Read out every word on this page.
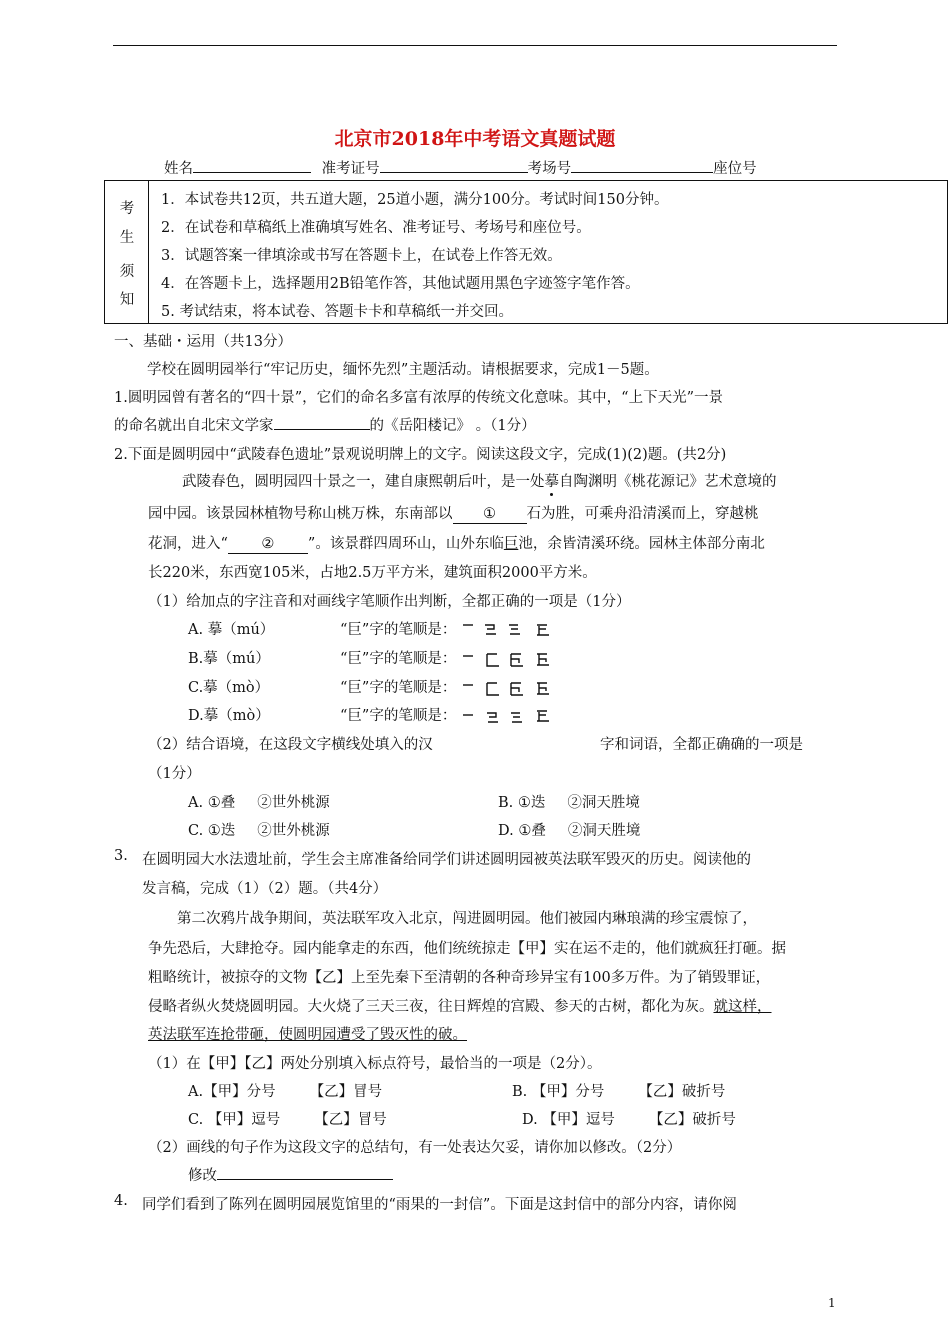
北京市2018年中考语文真题试题
姓名	准考证号	考场号	座位号
考
生
须
知
1．本试卷共12页，共五道大题，25道小题，满分100分。考试时间150分钟。
2．在试卷和草稿纸上准确填写姓名、准考证号、考场号和座位号。
3．试题答案一律填涂或书写在答题卡上，在试卷上作答无效。
4．在答题卡上，选择题用2B铅笔作答，其他试题用黑色字迹签字笔作答。
5. 考试结束，将本试卷、答题卡卡和草稿纸一并交回。
一、基础・运用（共13分）
学校在圆明园举行“牢记历史，缅怀先烈”主题活动。请根据要求，完成1－5题。
1.圆明园曾有著名的“四十景”，它们的命名多富有浓厚的传统文化意味。其中，“上下天光”一景
的命名就出自北宋文学家	的《岳阳楼记》 。（1分）
2.下面是圆明园中“武陵春色遗址”景观说明牌上的文字。阅读这段文字，完成(1)(2)题。(共2分)
武陵春色，圆明园四十景之一，建自康熙朝后叶，是一处摹自陶渊明《桃花源记》艺术意境的
园中园。该景园林植物号称山桃万株，东南部以 ① 石为胜，可乘舟沿清溪而上，穿越桃
花洞，进入“ ② ”。该景群四周环山，山外东临巨池，余皆清溪环绕。园林主体部分南北
长220米，东西宽105米，占地2.5万平方米，建筑面积2000平方米。
（1）给加点的字注音和对画线字笔顺作出判断，全都正确的一项是（1分）
A. 摹（mú）	“巨”字的笔顺是：
B.摹（mú）	“巨”字的笔顺是：
C.摹（mò）	“巨”字的笔顺是：
D.摹（mò）	“巨”字的笔顺是：
（2）结合语境，在这段文字横线处填入的汉	字和词语，全都正确确的一项是
（1分）
A. ①叠 ②世外桃源	B. ①迭 ②洞天胜境
C. ①迭 ②世外桃源	D. ①叠 ②洞天胜境
3. 在圆明园大水法遗址前，学生会主席准备给同学们讲述圆明园被英法联军毁灭的历史。阅读他的
发言稿，完成（1）（2）题。（共4分）
第二次鸦片战争期间，英法联军攻入北京，闯进圆明园。他们被园内琳琅满的珍宝震惊了，
争先恐后，大肆抢夺。园内能拿走的东西，他们统统掠走【甲】实在运不走的，他们就疯狂打砸。据
粗略统计，被掠夺的文物【乙】上至先秦下至清朝的各种奇珍异宝有100多万件。为了销毁罪证，
侵略者纵火焚烧圆明园。大火烧了三天三夜，往日辉煌的宫殿、参天的古树，都化为灰。就这样，
英法联军连抢带砸，使圆明园遭受了毁灭性的破。
（1）在【甲】【乙】两处分别填入标点符号，最恰当的一项是（2分）。
A.【甲】分号 【乙】冒号	B. 【甲】分号 【乙】破折号
C. 【甲】逗号 【乙】冒号	D. 【甲】逗号 【乙】破折号
（2）画线的句子作为这段文字的总结句，有一处表达欠妥，请你加以修改。（2分）
修改
4. 同学们看到了陈列在圆明园展览馆里的“雨果的一封信”。下面是这封信中的部分内容，请你阅
1
